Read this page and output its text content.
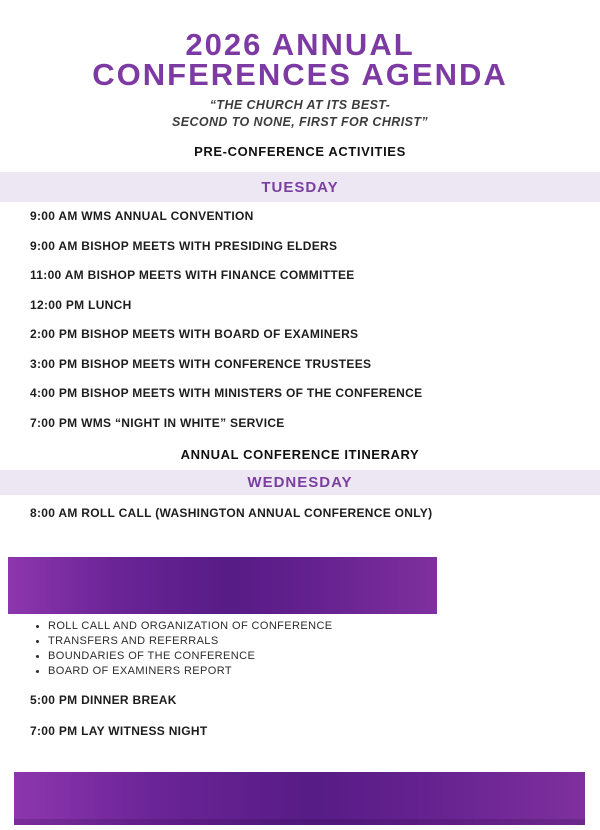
2026 ANNUAL
CONFERENCES AGENDA
“THE CHURCH AT ITS BEST-
SECOND TO NONE, FIRST FOR CHRIST”
PRE-CONFERENCE ACTIVITIES
TUESDAY
9:00 AM WMS ANNUAL CONVENTION
9:00 AM BISHOP MEETS WITH PRESIDING ELDERS
11:00 AM BISHOP MEETS WITH FINANCE COMMITTEE
12:00 PM LUNCH
2:00 PM BISHOP MEETS WITH BOARD OF EXAMINERS
3:00 PM BISHOP MEETS WITH CONFERENCE TRUSTEES
4:00 PM BISHOP MEETS WITH MINISTERS OF THE CONFERENCE
7:00 PM WMS “NIGHT IN WHITE” SERVICE
ANNUAL CONFERENCE ITINERARY
WEDNESDAY
8:00 AM ROLL CALL (WASHINGTON ANNUAL CONFERENCE ONLY)
• ROLL CALL AND ORGANIZATION OF CONFERENCE
• TRANSFERS AND REFERRALS
• BOUNDARIES OF THE CONFERENCE
• BOARD OF EXAMINERS REPORT
5:00 PM DINNER BREAK
7:00 PM LAY WITNESS NIGHT
